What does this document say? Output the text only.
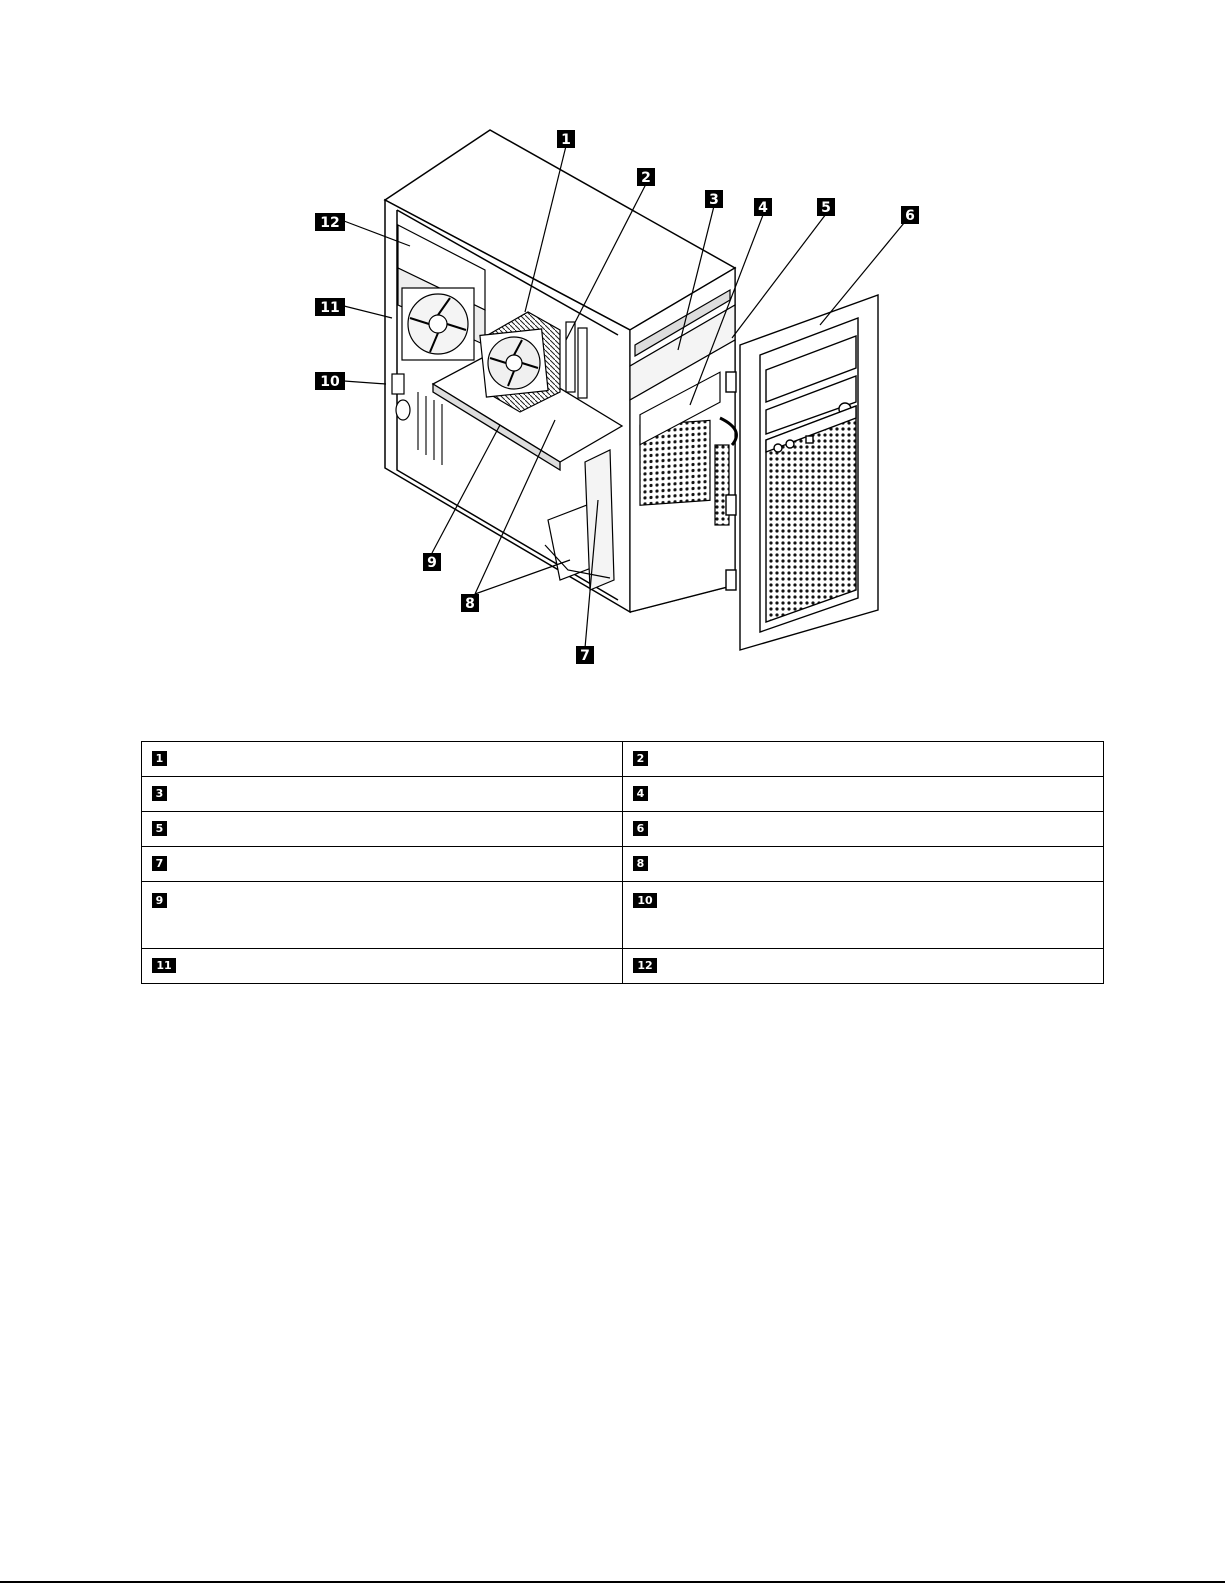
1
2
3	4	5	6
7
8
9
10
11
12
1	2
3	4
5	6
7	8
9	10
11	12
